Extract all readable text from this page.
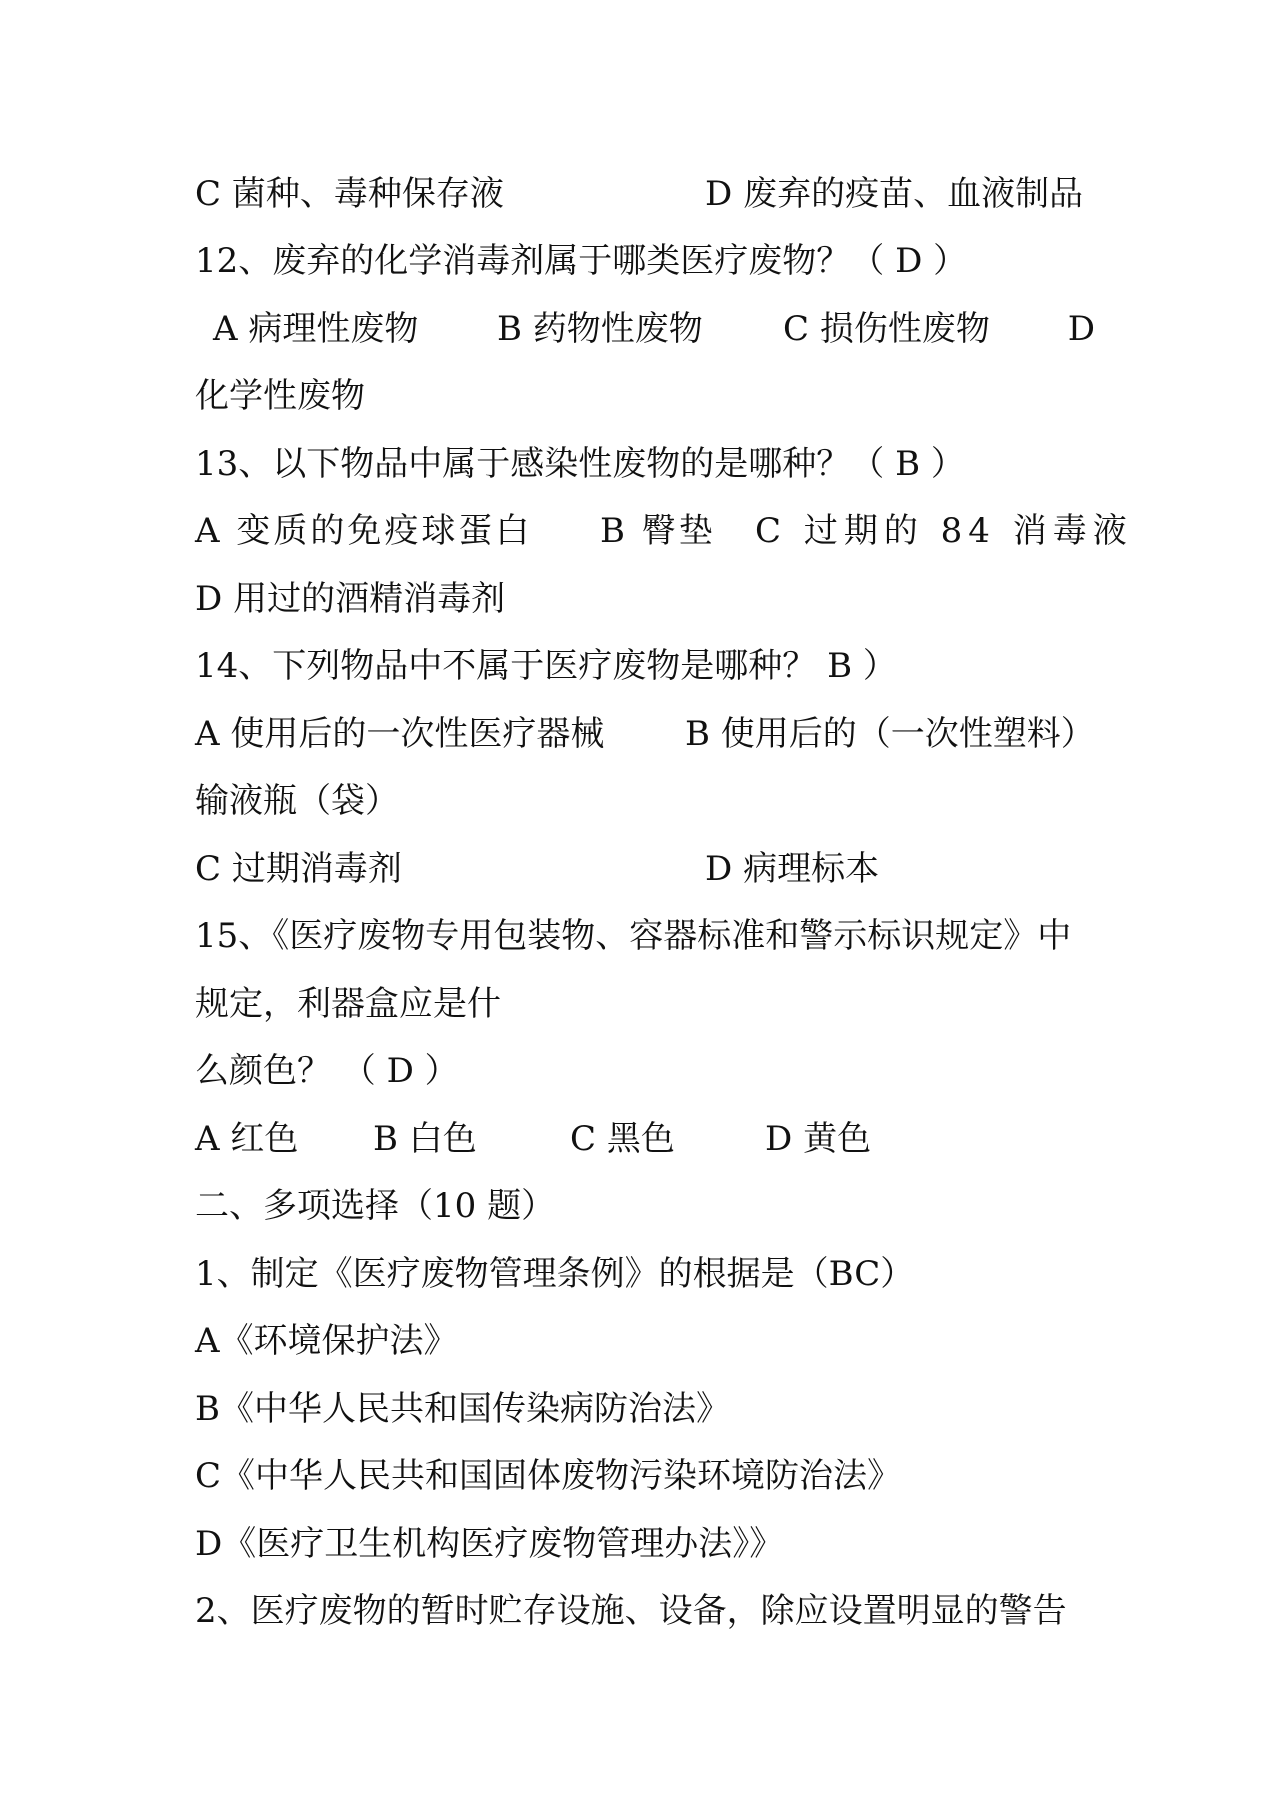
C 菌种、毒种保存液	D 废弃的疫苗、血液制品
12、废弃的化学消毒剂属于哪类医疗废物？（ D ）
A 病理性废物 B 药物性废物 C 损伤性废物 D
化学性废物
13、以下物品中属于感染性废物的是哪种？（ B ）
A 变质的免疫球蛋白 B 臀垫 C 过期的 84 消毒液
D 用过的酒精消毒剂
14、下列物品中不属于医疗废物是哪种？ B ）
A 使用后的一次性医疗器械 B 使用后的（一次性塑料）
输液瓶（袋）
C 过期消毒剂	D 病理标本
15、《医疗废物专用包装物、容器标准和警示标识规定》中
规定，利器盒应是什
么颜色？ （ D ）
A 红色 B 白色	C 黑色	D 黄色
二、多项选择（10 题）
1、制定《医疗废物管理条例》的根据是（BC）
A《环境保护法》
B《中华人民共和国传染病防治法》
C《中华人民共和国固体废物污染环境防治法》
D《医疗卫生机构医疗废物管理办法》》
2、医疗废物的暂时贮存设施、设备，除应设置明显的警告
